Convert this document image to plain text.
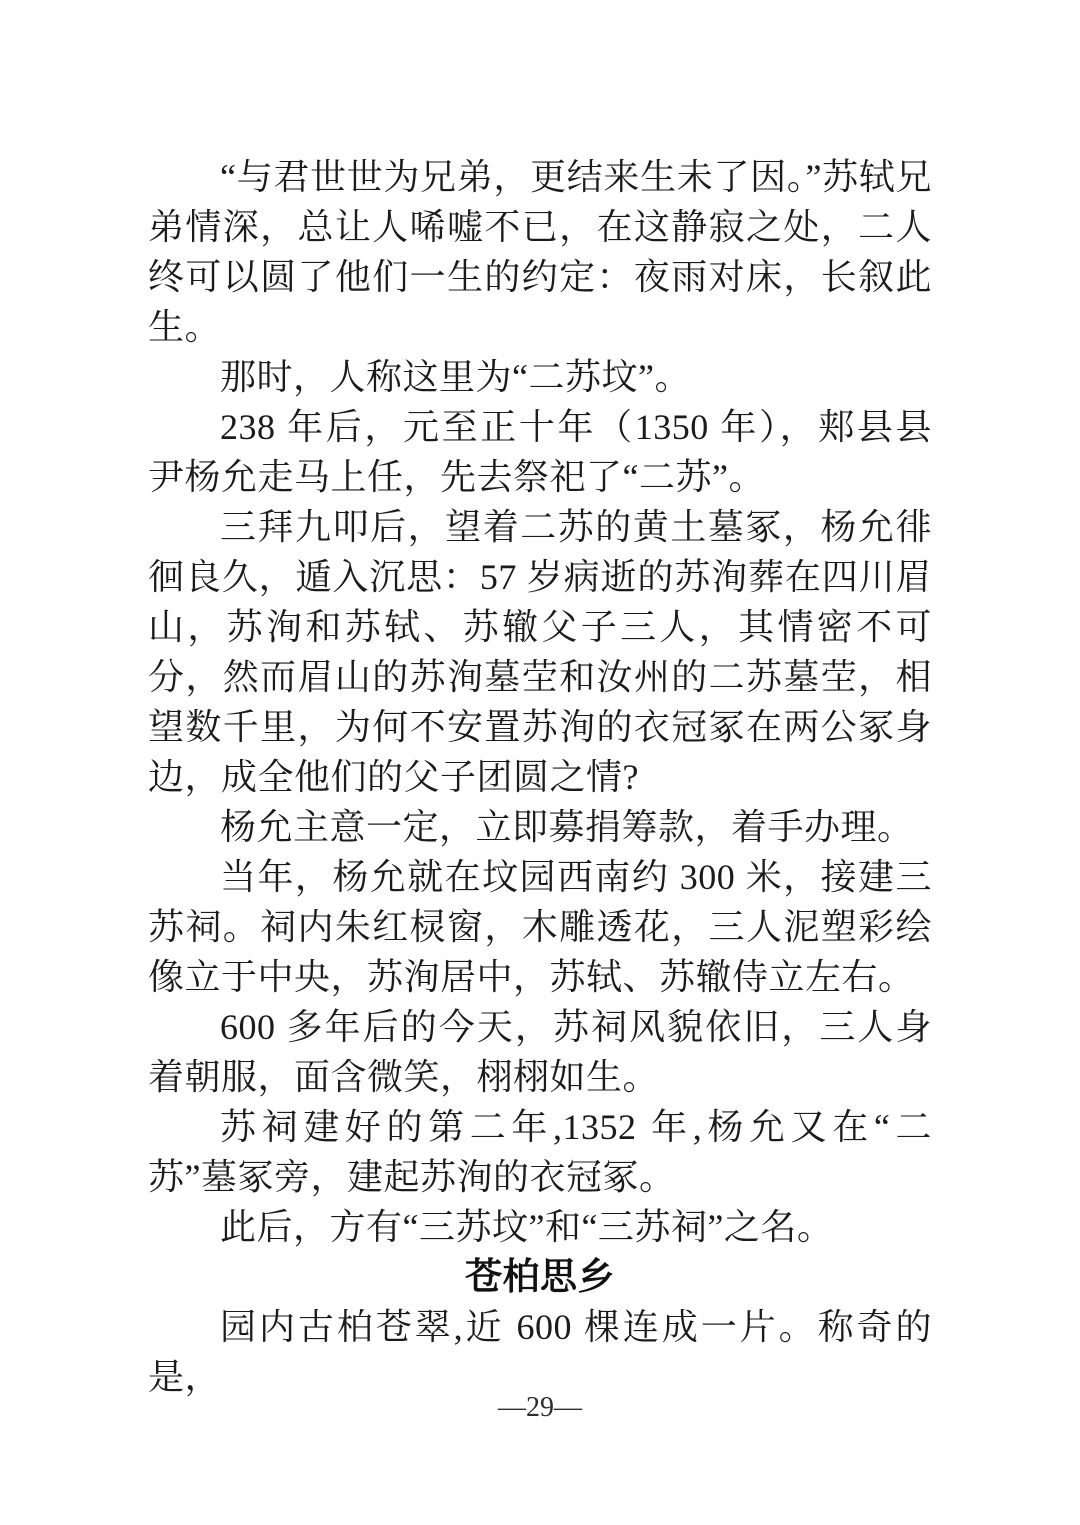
“与君世世为兄弟，更结来生未了因。”苏轼兄弟情深，总让人唏嘘不已，在这静寂之处，二人终可以圆了他们一生的约定：夜雨对床，长叙此生。

那时，人称这里为“二苏坟”。

238 年后，元至正十年（1350 年），郏县县尹杨允走马上任，先去祭祀了“二苏”。

三拜九叩后，望着二苏的黄土墓冢，杨允徘徊良久，遁入沉思：57 岁病逝的苏洵葬在四川眉山，苏洵和苏轼、苏辙父子三人，其情密不可分，然而眉山的苏洵墓茔和汝州的二苏墓茔，相望数千里，为何不安置苏洵的衣冠冢在两公冢身边，成全他们的父子团圆之情?

杨允主意一定，立即募捐筹款，着手办理。

当年，杨允就在坟园西南约 300 米，接建三苏祠。祠内朱红棂窗，木雕透花，三人泥塑彩绘像立于中央，苏洵居中，苏轼、苏辙侍立左右。

600 多年后的今天，苏祠风貌依旧，三人身着朝服，面含微笑，栩栩如生。

苏祠建好的第二年,1352 年,杨允又在“二苏”墓冢旁，建起苏洵的衣冠冢。

此后，方有“三苏坟”和“三苏祠”之名。

苍柏思乡

园内古柏苍翠,近 600 棵连成一片。称奇的是，

—29—
